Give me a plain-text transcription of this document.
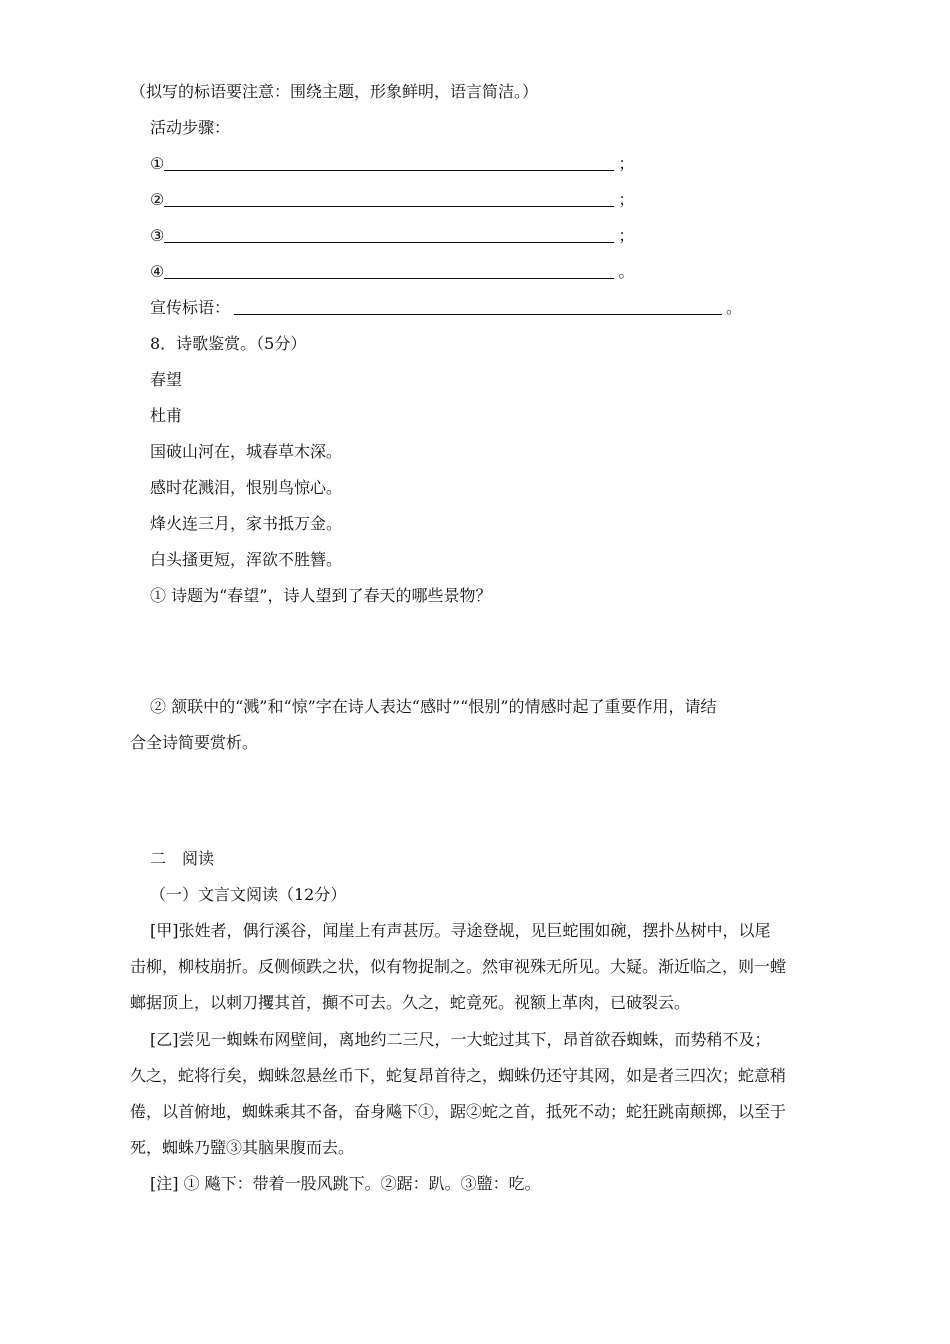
（拟写的标语要注意：围绕主题，形象鲜明，语言简洁。）
活动步骤：
①	；
②	；
③	；
④	。
宣传标语：	。
8．诗歌鉴赏。（5分）
春望
杜甫
国破山河在，城春草木深。
感时花溅泪，恨别鸟惊心。
烽火连三月，家书抵万金。
白头搔更短，浑欲不胜簪。
① 诗题为“春望”，诗人望到了春天的哪些景物？
② 颔联中的“溅”和“惊”字在诗人表达“感时”“恨别”的情感时起了重要作用，请结
合全诗简要赏析。
二　阅读
（一）文言文阅读（12分）
[甲]张姓者，偶行溪谷，闻崖上有声甚厉。寻途登觇，见巨蛇围如碗，摆扑丛树中，以尾
击柳，柳枝崩折。反侧倾跌之状，似有物捉制之。然审视殊无所见。大疑。渐近临之，则一螳
螂据顶上，以刺刀攫其首，攧不可去。久之，蛇竟死。视额上革肉，已破裂云。
[乙]尝见一蜘蛛布网壁间，离地约二三尺，一大蛇过其下，昂首欲吞蜘蛛，而势稍不及；
久之，蛇将行矣，蜘蛛忽悬丝币下，蛇复昂首待之，蜘蛛仍还守其网，如是者三四次；蛇意稍
倦，以首俯地，蜘蛛乘其不备，奋身飚下①，踞②蛇之首，抵死不动；蛇狂跳南颠掷，以至于
死，蜘蛛乃盬③其脑果腹而去。
[注] ① 飚下：带着一股风跳下。②踞：趴。③盬：吃。
